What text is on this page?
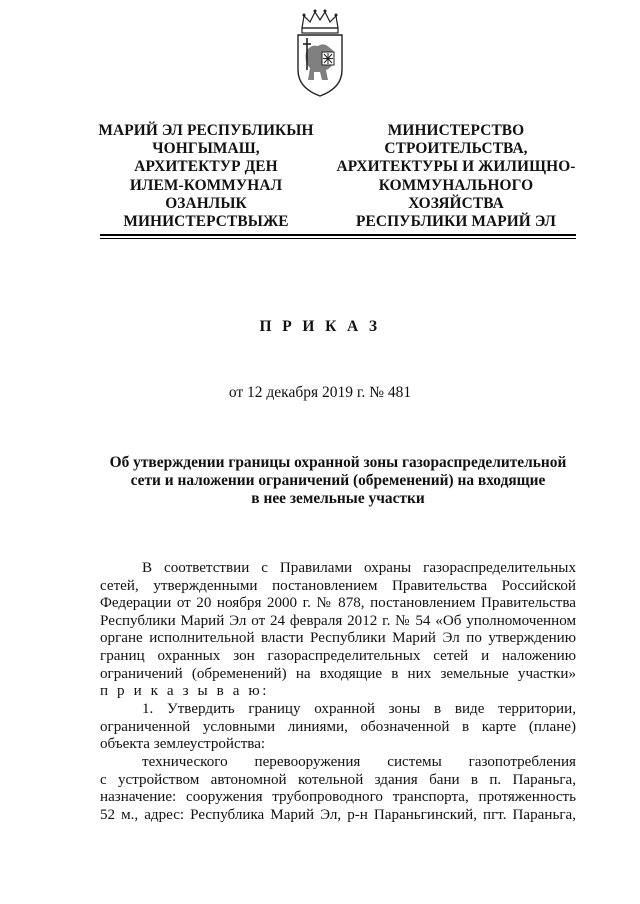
МАРИЙ ЭЛ РЕСПУБЛИКЫН
ЧОНГЫМАШ,
АРХИТЕКТУР ДЕН
ИЛЕМ-КОММУНАЛ
ОЗАНЛЫК
МИНИСТЕРСТВЫЖЕ
МИНИСТЕРСТВО
СТРОИТЕЛЬСТВА,
АРХИТЕКТУРЫ И ЖИЛИЩНО-
КОММУНАЛЬНОГО
ХОЗЯЙСТВА
РЕСПУБЛИКИ МАРИЙ ЭЛ
П Р И К А З
от 12 декабря 2019 г. № 481
Об утверждении границы охранной зоны газораспределительной
сети и наложении ограничений (обременений) на входящие
в нее земельные участки
В соответствии с Правилами охраны газораспределительных
сетей, утвержденными постановлением Правительства Российской
Федерации от 20 ноября 2000 г. № 878, постановлением Правительства
Республики Марий Эл от 24 февраля 2012 г. № 54 «Об уполномоченном
органе исполнительной власти Республики Марий Эл по утверждению
границ охранных зон газораспределительных сетей и наложению
ограничений (обременений) на входящие в них земельные участки»
п р и к а з ы в а ю:
1. Утвердить границу охранной зоны в виде территории,
ограниченной условными линиями, обозначенной в карте (плане)
объекта землеустройства:
технического перевооружения системы газопотребления
с устройством автономной котельной здания бани в п. Параньга,
назначение: сооружения трубопроводного транспорта, протяженность
52 м., адрес: Республика Марий Эл, р-н Параньгинский, пгт. Параньга,
